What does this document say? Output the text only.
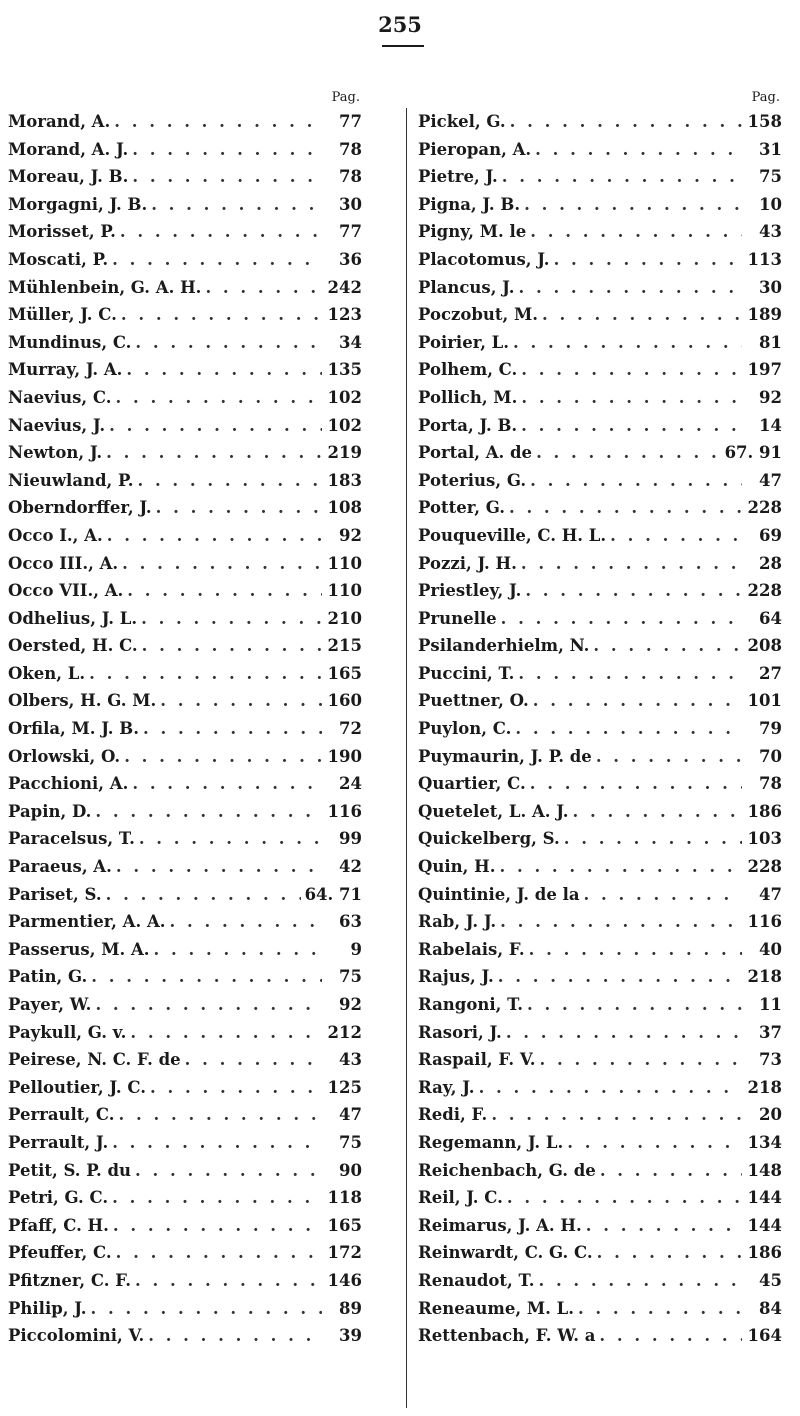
255
Pag.
Morand, A. . . .	77
Morand, A. J. . . .	78
Moreau, J. B. . . .	78
Morgagni, J. B. . . .	30
Morisset, P. . . .	77
Moscati, P. . . .	36
Mühlenbein, G. A. H. . . .	242
Müller, J. C. . . .	123
Mundinus, C. . . .	34
Murray, J. A. . . .	135
Naevius, C. . . .	102
Naevius, J. . . .	102
Newton, J. . . .	219
Nieuwland, P. . . .	183
Oberndorffer, J. . . .	108
Occo I., A. . . .	92
Occo III., A. . . .	110
Occo VII., A. . . .	110
Odhelius, J. L. . . .	210
Oersted, H. C. . . .	215
Oken, L. . . .	165
Olbers, H. G. M. . . .	160
Orfila, M. J. B. . . .	72
Orlowski, O. . . .	190
Pacchioni, A. . . .	24
Papin, D. . . .	116
Paracelsus, T. . . .	99
Paraeus, A. . . .	42
Pariset, S. . . .	64. 71
Parmentier, A. A. . . .	63
Passerus, M. A. . . .	9
Patin, G. . . .	75
Payer, W. . . .	92
Paykull, G. v. . . .	212
Peirese, N. C. F. de . . .	43
Pelloutier, J. C. . . .	125
Perrault, C. . . .	47
Perrault, J. . . .	75
Petit, S. P. du . . .	90
Petri, G. C. . . .	118
Pfaff, C. H. . . .	165
Pfeuffer, C. . . .	172
Pfitzner, C. F. . . .	146
Philip, J. . . .	89
Piccolomini, V. . . .	39
Pag.
Pickel, G. . . .	158
Pieropan, A. . . .	31
Pietre, J. . . .	75
Pigna, J. B. . . .	10
Pigny, M. le . . .	43
Placotomus, J. . . .	113
Plancus, J. . . .	30
Poczobut, M. . . .	189
Poirier, L. . . .	81
Polhem, C. . . .	197
Pollich, M. . . .	92
Porta, J. B. . . .	14
Portal, A. de . . .	67. 91
Poterius, G. . . .	47
Potter, G. . . .	228
Pouqueville, C. H. L. . . .	69
Pozzi, J. H. . . .	28
Priestley, J. . . .	228
Prunelle . . .	64
Psilanderhielm, N. . . .	208
Puccini, T. . . .	27
Puettner, O. . . .	101
Puylon, C. . . .	79
Puymaurin, J. P. de . . .	70
Quartier, C. . . .	78
Quetelet, L. A. J. . . .	186
Quickelberg, S. . . .	103
Quin, H. . . .	228
Quintinie, J. de la . . .	47
Rab, J. J. . . .	116
Rabelais, F. . . .	40
Rajus, J. . . .	218
Rangoni, T. . . .	11
Rasori, J. . . .	37
Raspail, F. V. . . .	73
Ray, J. . . .	218
Redi, F. . . .	20
Regemann, J. L. . . .	134
Reichenbach, G. de . . .	148
Reil, J. C. . . .	144
Reimarus, J. A. H. . . .	144
Reinwardt, C. G. C. . . .	186
Renaudot, T. . . .	45
Reneaume, M. L. . . .	84
Rettenbach, F. W. a . . .	164
